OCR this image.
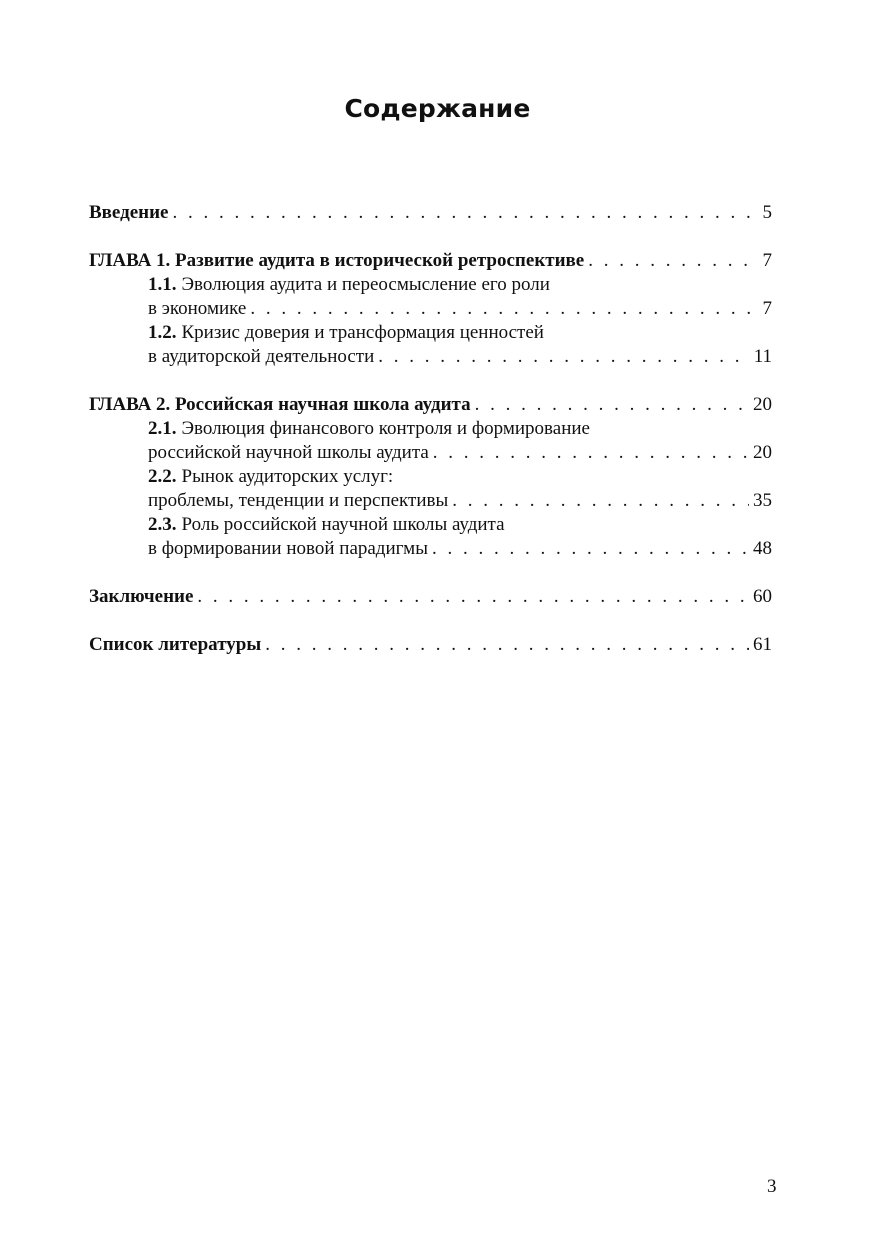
Содержание
Введение . . .	5
ГЛАВА 1. Развитие аудита в исторической ретроспективе . . .	7
1.1. Эволюция аудита и переосмысление его роли
в экономике . . .	7
1.2. Кризис доверия и трансформация ценностей
в аудиторской деятельности . . .	11
ГЛАВА 2. Российская научная школа аудита . . .	20
2.1. Эволюция финансового контроля и формирование
российской научной школы аудита . . .	20
2.2. Рынок аудиторских услуг:
проблемы, тенденции и перспективы . . .	35
2.3. Роль российской научной школы аудита
в формировании новой парадигмы . . .	48
Заключение . . .	60
Список литературы . . .	61
3
